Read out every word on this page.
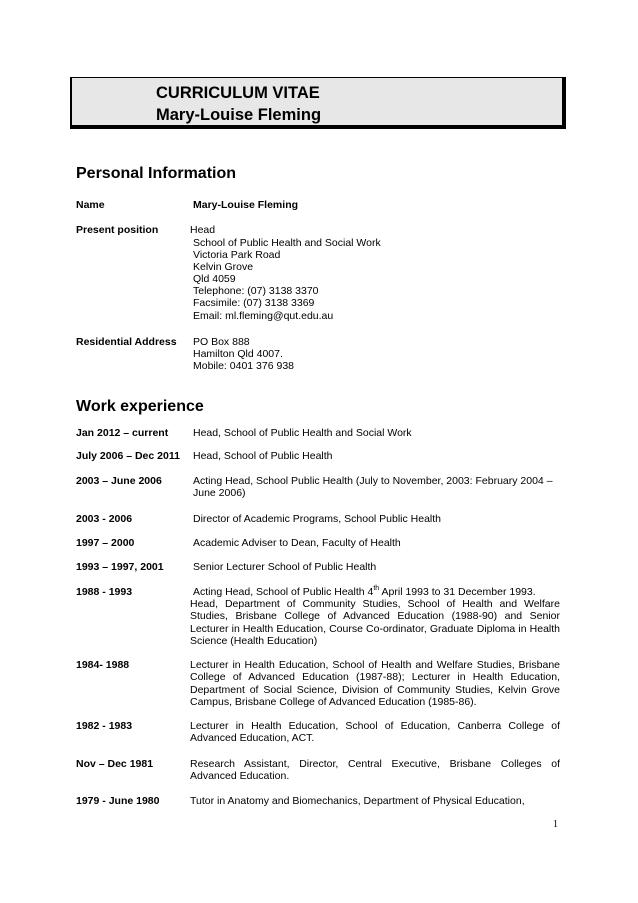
CURRICULUM VITAE
Mary-Louise Fleming
Personal Information
Name	Mary-Louise Fleming
Present position	Head
School of Public Health and Social Work
Victoria Park Road
Kelvin Grove
Qld 4059
Telephone: (07) 3138 3370
Facsimile: (07) 3138 3369
Email: ml.fleming@qut.edu.au
Residential Address PO Box 888
Hamilton Qld 4007.
Mobile: 0401 376 938
Work experience
Jan 2012 – current Head, School of Public Health and Social Work
July 2006 – Dec 2011 Head, School of Public Health
2003 – June 2006	Acting Head, School Public Health (July to November, 2003: February 2004 –
June 2006)
2003 - 2006	Director of Academic Programs, School Public Health
1997 – 2000	Academic Adviser to Dean, Faculty of Health
1993 – 1997, 2001	Senior Lecturer School of Public Health
1988 - 1993	Acting Head, School of Public Health 4th April 1993 to 31 December 1993.

Head, Department of Community Studies, School of Health and Welfare Studies, Brisbane College of Advanced Education (1988-90) and Senior Lecturer in Health Education, Course Co-ordinator, Graduate Diploma in Health Science (Health Education)

1984- 1988	Lecturer in Health Education, School of Health and Welfare Studies, Brisbane College of Advanced Education (1987-88); Lecturer in Health Education, Department of Social Science, Division of Community Studies, Kelvin Grove Campus, Brisbane College of Advanced Education (1985-86).

1982 - 1983	Lecturer in Health Education, School of Education, Canberra College of Advanced Education, ACT.

Nov – Dec 1981	Research Assistant, Director, Central Executive, Brisbane Colleges of Advanced Education.

1979 - June 1980	Tutor in Anatomy and Biomechanics, Department of Physical Education,

1
